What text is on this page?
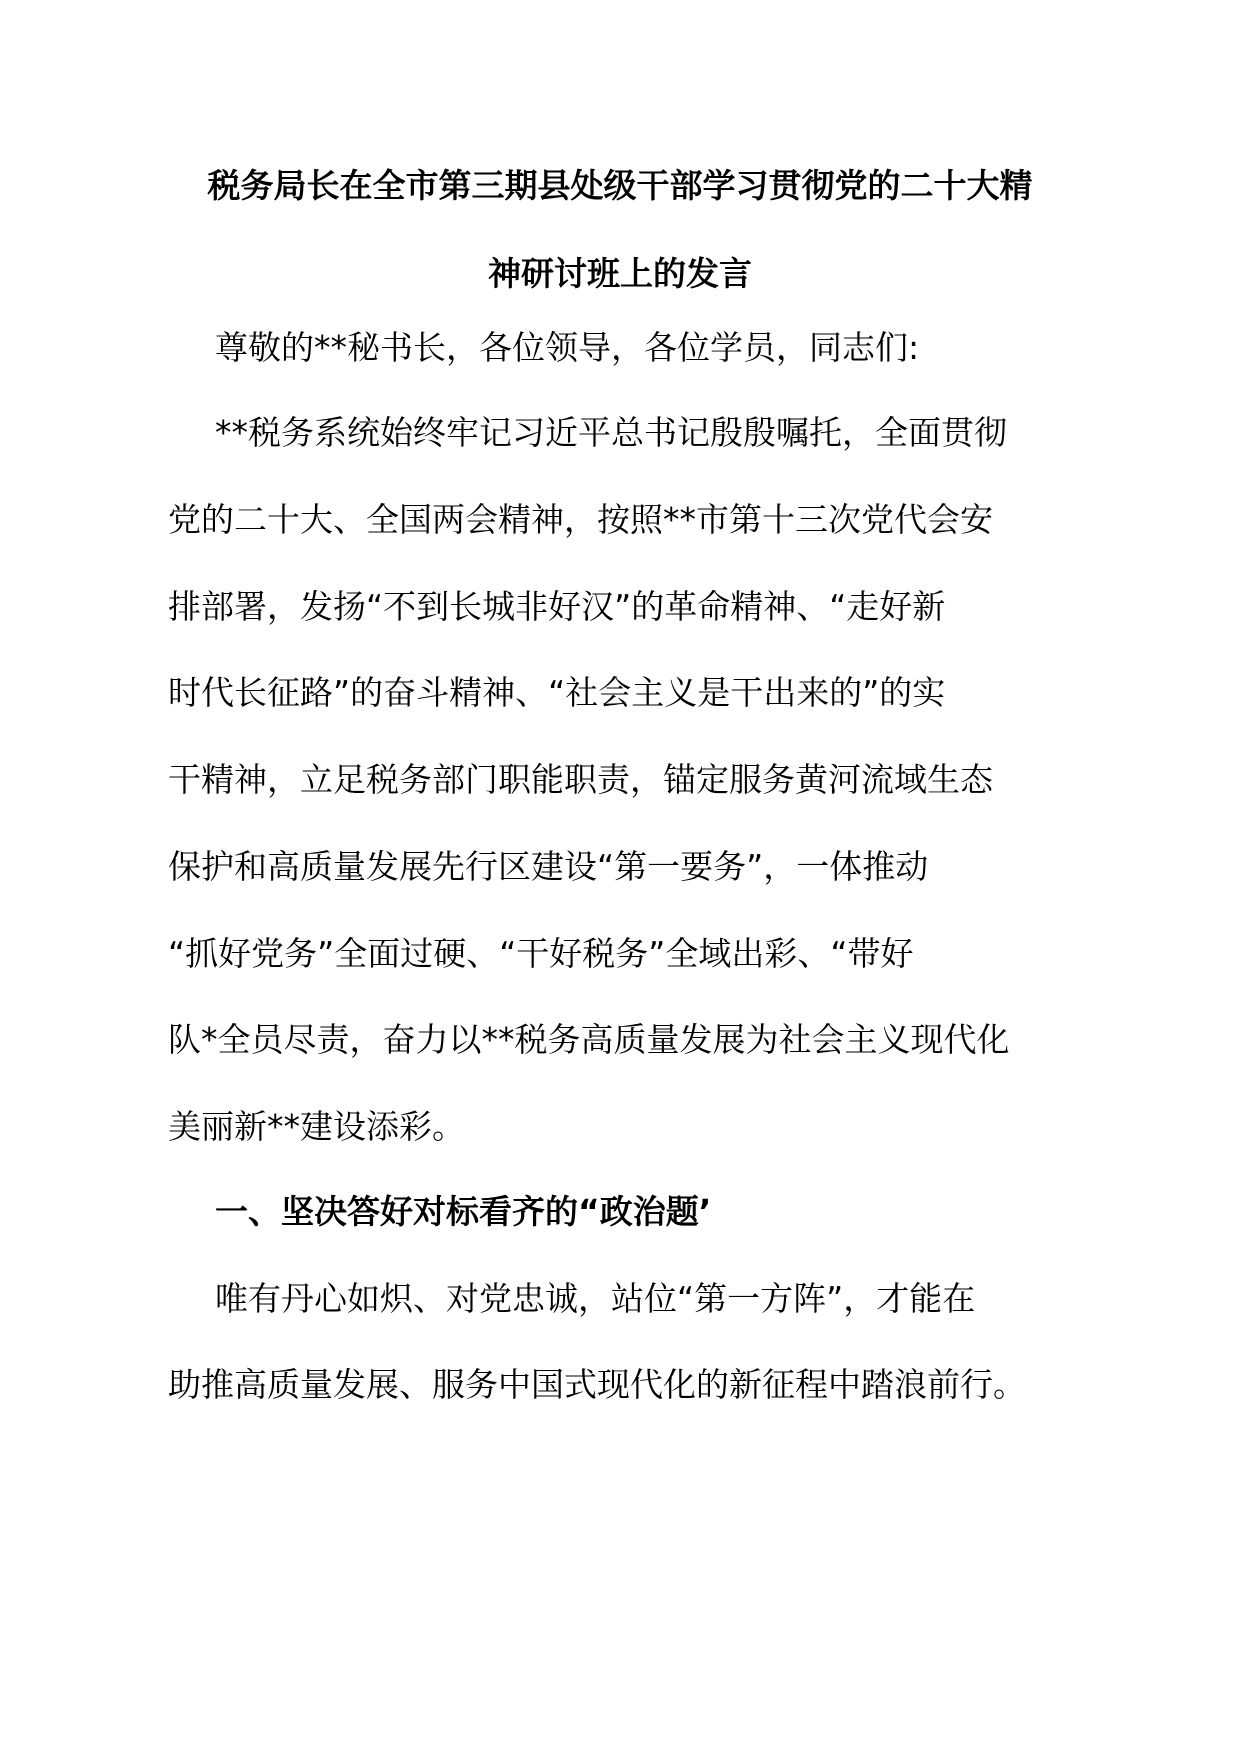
税务局长在全市第三期县处级干部学习贯彻党的二十大精
神研讨班上的发言
尊敬的**秘书长，各位领导，各位学员，同志们:
**税务系统始终牢记习近平总书记殷殷嘱托，全面贯彻
党的二十大、全国两会精神，按照**市第十三次党代会安
排部署，发扬“不到长城非好汉”的革命精神、“走好新
时代长征路”的奋斗精神、“社会主义是干出来的”的实
干精神，立足税务部门职能职责，锚定服务黄河流域生态
保护和高质量发展先行区建设“第一要务”，一体推动
“抓好党务”全面过硬、“干好税务”全域出彩、“带好
队*全员尽责，奋力以**税务高质量发展为社会主义现代化
美丽新**建设添彩。
一、坚决答好对标看齐的“政治题’
唯有丹心如炽、对党忠诚，站位“第一方阵”，才能在
助推高质量发展、服务中国式现代化的新征程中踏浪前行。
